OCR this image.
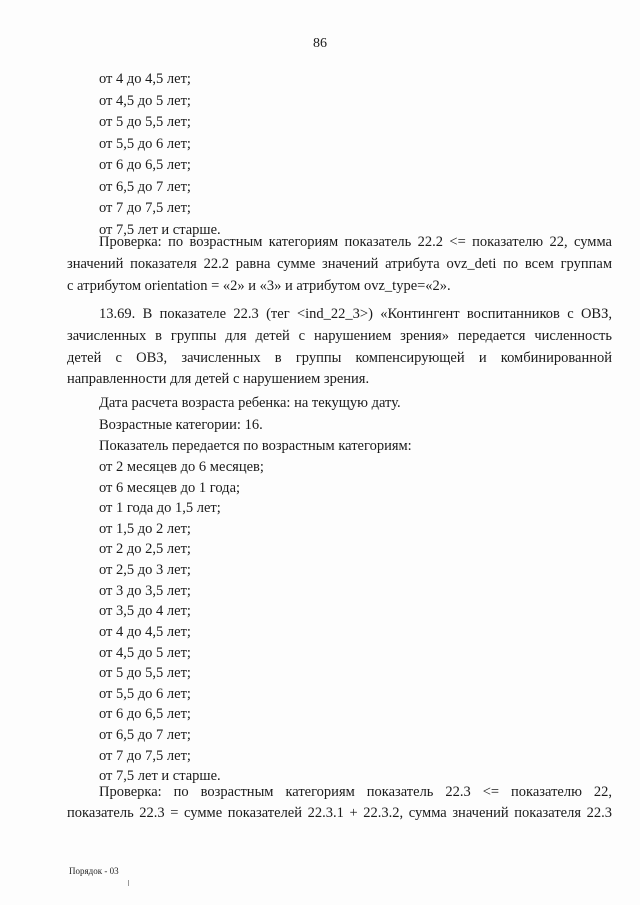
86
от 4 до 4,5 лет;
от 4,5 до 5 лет;
от 5 до 5,5 лет;
от 5,5 до 6 лет;
от 6 до 6,5 лет;
от 6,5 до 7 лет;
от 7 до 7,5 лет;
от 7,5 лет и старше.
Проверка: по возрастным категориям показатель 22.2 <= показателю 22, сумма
значений показателя 22.2 равна сумме значений атрибута ovz_deti по всем группам
с атрибутом orientation = «2» и «3» и атрибутом ovz_type=«2».
13.69. В показателе 22.3 (тег <ind_22_3>) «Контингент воспитанников с ОВЗ,
зачисленных в группы для детей с нарушением зрения» передается численность
детей с ОВЗ, зачисленных в группы компенсирующей и комбинированной
направленности для детей с нарушением зрения.
Дата расчета возраста ребенка: на текущую дату.
Возрастные категории: 16.
Показатель передается по возрастным категориям:
от 2 месяцев до 6 месяцев;
от 6 месяцев до 1 года;
от 1 года до 1,5 лет;
от 1,5 до 2 лет;
от 2 до 2,5 лет;
от 2,5 до 3 лет;
от 3 до 3,5 лет;
от 3,5 до 4 лет;
от 4 до 4,5 лет;
от 4,5 до 5 лет;
от 5 до 5,5 лет;
от 5,5 до 6 лет;
от 6 до 6,5 лет;
от 6,5 до 7 лет;
от 7 до 7,5 лет;
от 7,5 лет и старше.
Проверка: по возрастным категориям показатель 22.3 <= показателю 22,
показатель 22.3 = сумме показателей 22.3.1 + 22.3.2, сумма значений показателя 22.3
Порядок - 03
